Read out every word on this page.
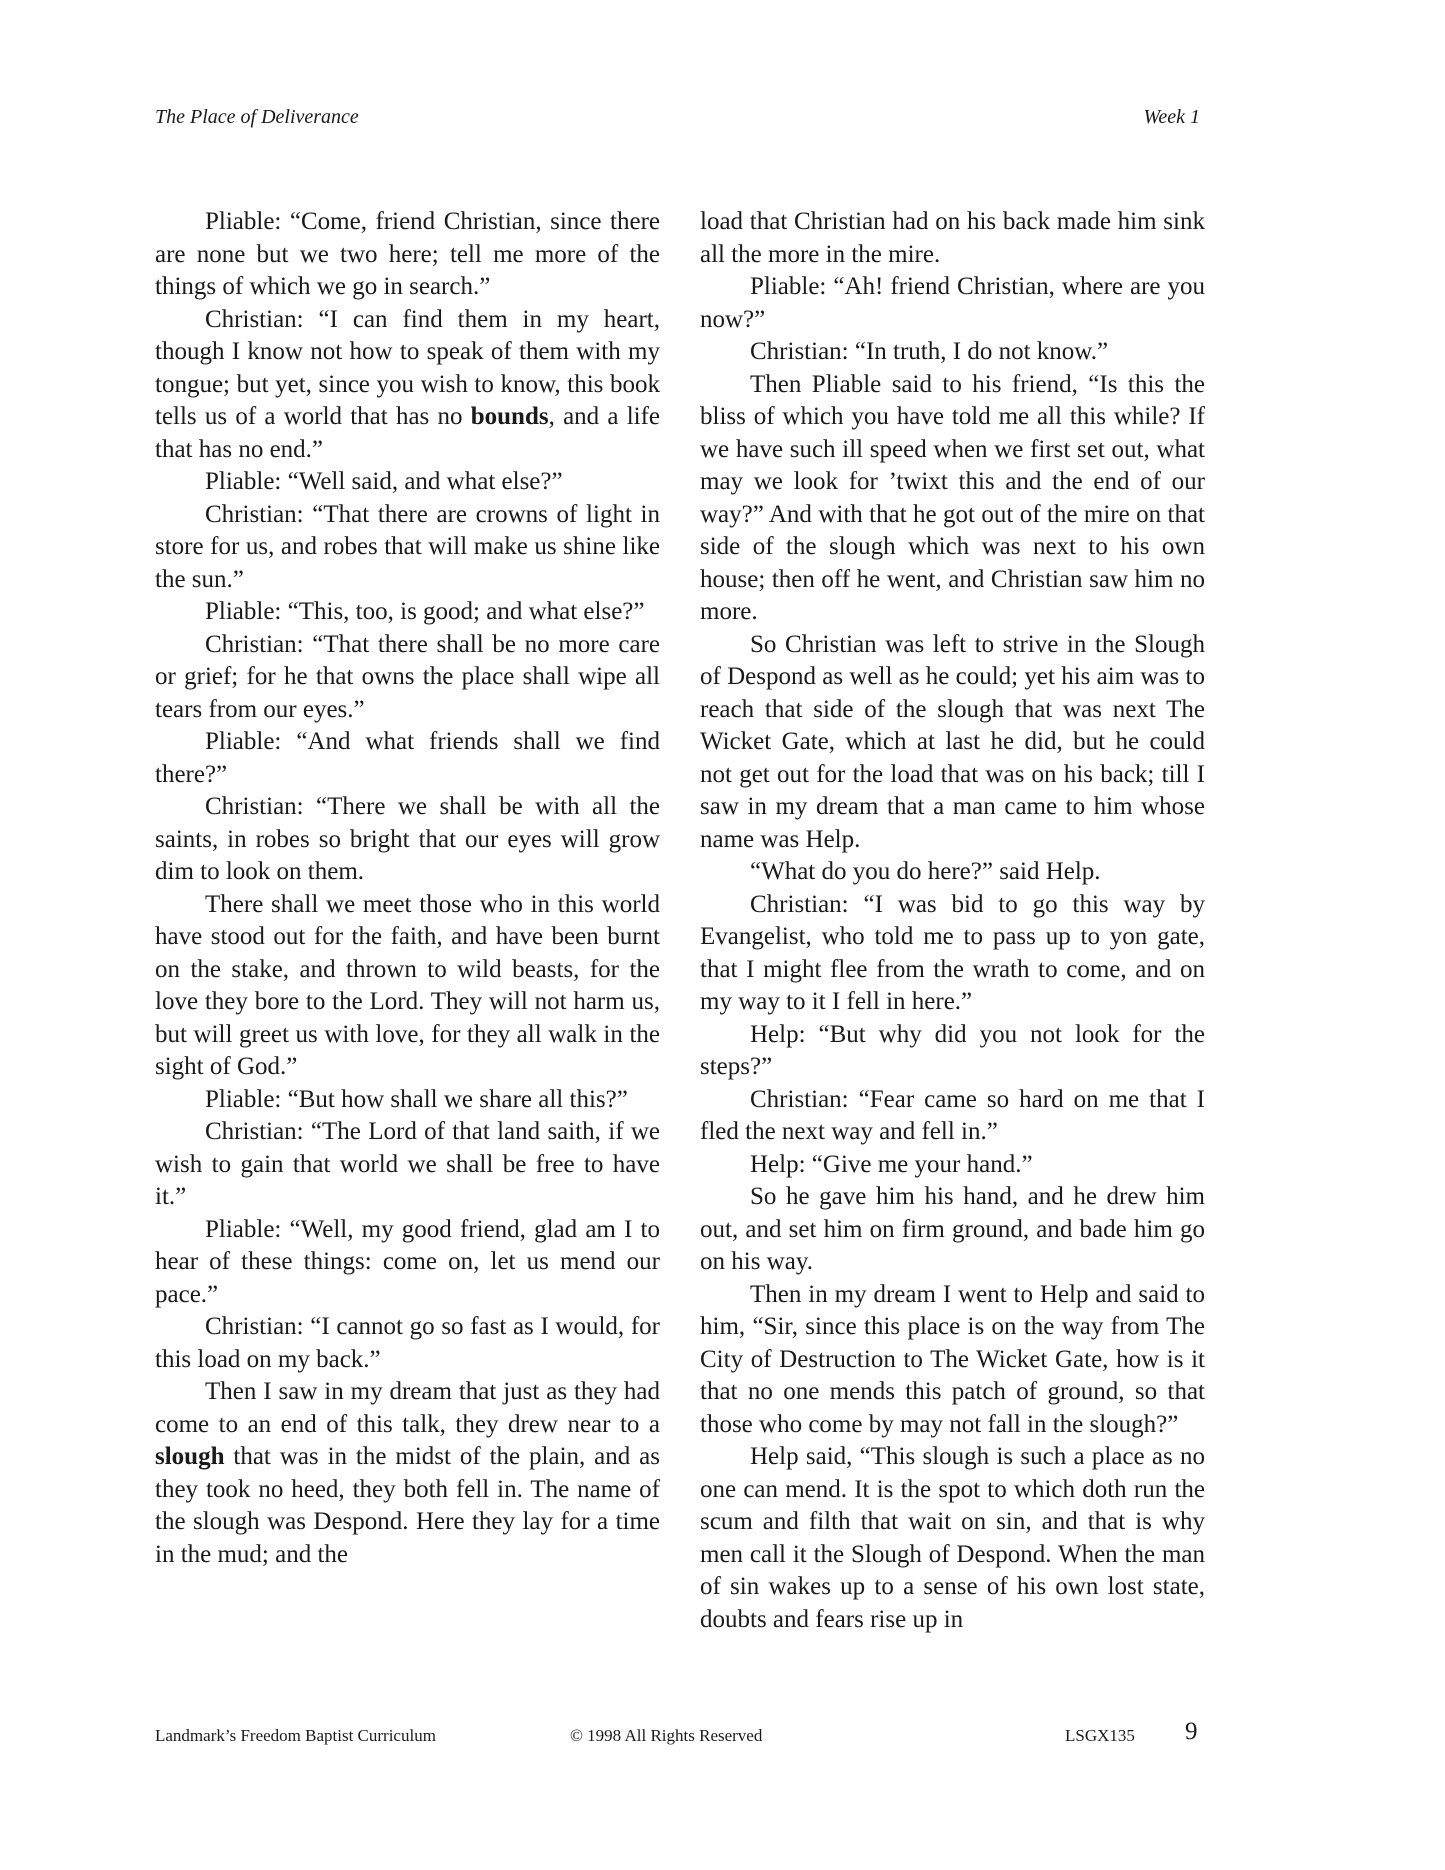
The Place of Deliverance	Week 1

Pliable: “Come, friend Christian, since there are none but we two here; tell me more of the things of which we go in search.”

Christian: “I can find them in my heart, though I know not how to speak of them with my tongue; but yet, since you wish to know, this book tells us of a world that has no bounds, and a life that has no end.”

Pliable: “Well said, and what else?”

Christian: “That there are crowns of light in store for us, and robes that will make us shine like the sun.”

Pliable: “This, too, is good; and what else?”

Christian: “That there shall be no more care or grief; for he that owns the place shall wipe all tears from our eyes.”

Pliable: “And what friends shall we find there?”

Christian: “There we shall be with all the saints, in robes so bright that our eyes will grow dim to look on them.

There shall we meet those who in this world have stood out for the faith, and have been burnt on the stake, and thrown to wild beasts, for the love they bore to the Lord. They will not harm us, but will greet us with love, for they all walk in the sight of God.”

Pliable: “But how shall we share all this?”

Christian: “The Lord of that land saith, if we wish to gain that world we shall be free to have it.”

Pliable: “Well, my good friend, glad am I to hear of these things: come on, let us mend our pace.”

Christian: “I cannot go so fast as I would, for this load on my back.”

Then I saw in my dream that just as they had come to an end of this talk, they drew near to a slough that was in the midst of the plain, and as they took no heed, they both fell in. The name of the slough was Despond. Here they lay for a time in the mud; and the

load that Christian had on his back made him sink all the more in the mire.

Pliable: “Ah! friend Christian, where are you now?”

Christian: “In truth, I do not know.”

Then Pliable said to his friend, “Is this the bliss of which you have told me all this while? If we have such ill speed when we first set out, what may we look for ’twixt this and the end of our way?” And with that he got out of the mire on that side of the slough which was next to his own house; then off he went, and Christian saw him no more.

So Christian was left to strive in the Slough of Despond as well as he could; yet his aim was to reach that side of the slough that was next The Wicket Gate, which at last he did, but he could not get out for the load that was on his back; till I saw in my dream that a man came to him whose name was Help.

“What do you do here?” said Help.

Christian: “I was bid to go this way by Evangelist, who told me to pass up to yon gate, that I might flee from the wrath to come, and on my way to it I fell in here.”

Help: “But why did you not look for the steps?”

Christian: “Fear came so hard on me that I fled the next way and fell in.”

Help: “Give me your hand.”

So he gave him his hand, and he drew him out, and set him on firm ground, and bade him go on his way.

Then in my dream I went to Help and said to him, “Sir, since this place is on the way from The City of Destruction to The Wicket Gate, how is it that no one mends this patch of ground, so that those who come by may not fall in the slough?”

Help said, “This slough is such a place as no one can mend. It is the spot to which doth run the scum and filth that wait on sin, and that is why men call it the Slough of Despond. When the man of sin wakes up to a sense of his own lost state, doubts and fears rise up in

Landmark’s Freedom Baptist Curriculum	© 1998 All Rights Reserved	LSGX135 9
